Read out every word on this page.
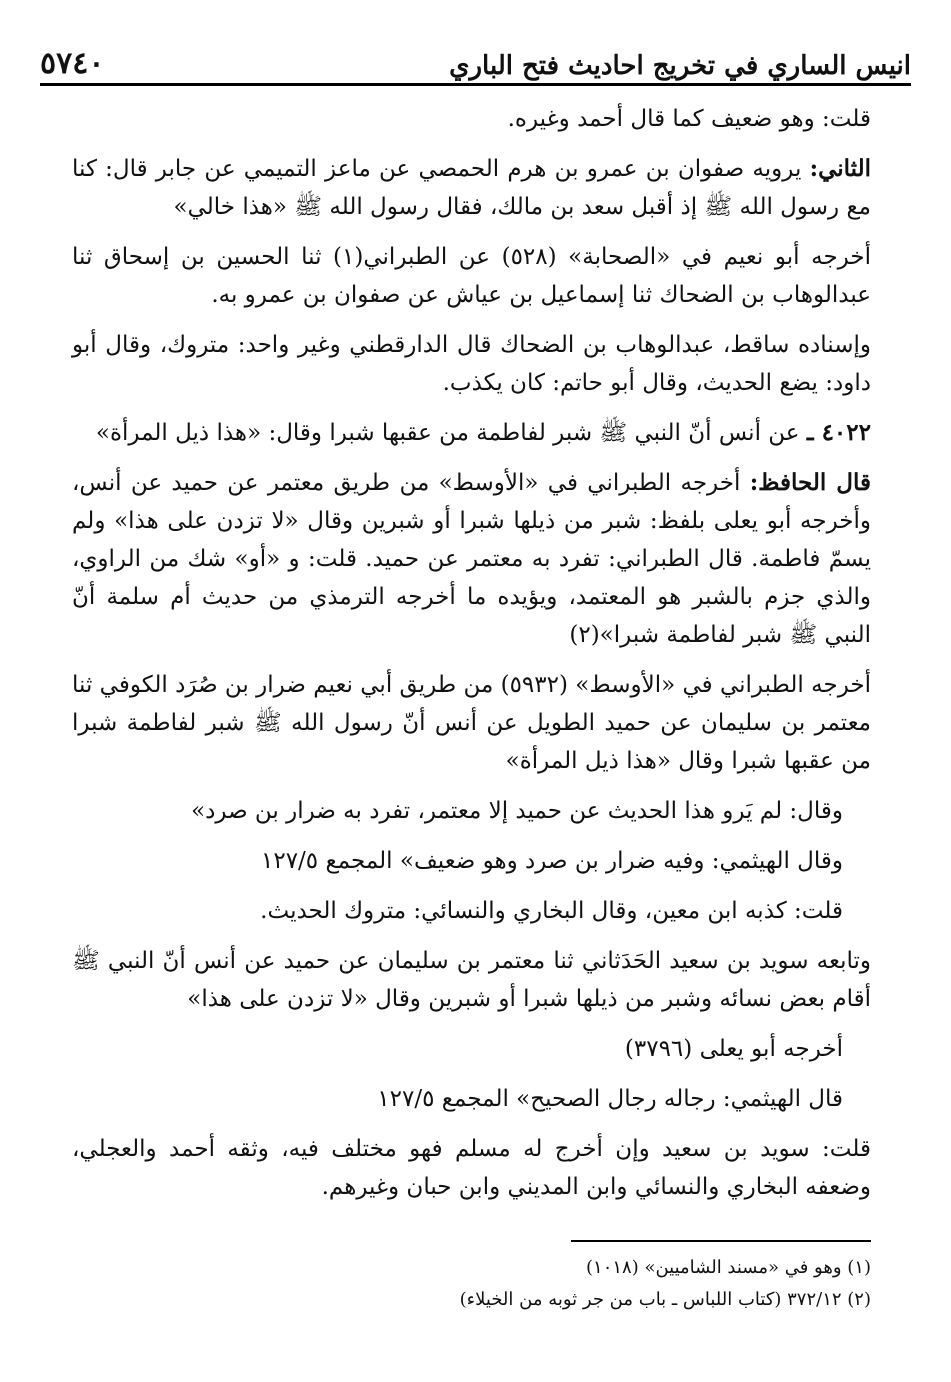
انيس الساري في تخريج احاديث فتح الباري
٥٧٤٠

قلت: وهو ضعيف كما قال أحمد وغيره.

الثاني: يرويه صفوان بن عمرو بن هرم الحمصي عن ماعز التميمي عن جابر قال: كنا مع رسول الله ﷺ إذ أقبل سعد بن مالك، فقال رسول الله ﷺ «هذا خالي»

أخرجه أبو نعيم في «الصحابة» (٥٢٨) عن الطبراني(١) ثنا الحسين بن إسحاق ثنا عبدالوهاب بن الضحاك ثنا إسماعيل بن عياش عن صفوان بن عمرو به.

وإسناده ساقط، عبدالوهاب بن الضحاك قال الدارقطني وغير واحد: متروك، وقال أبو داود: يضع الحديث، وقال أبو حاتم: كان يكذب.

٤٠٢٢ ـ عن أنس أنّ النبي ﷺ شبر لفاطمة من عقبها شبرا وقال: «هذا ذيل المرأة»

قال الحافظ: أخرجه الطبراني في «الأوسط» من طريق معتمر عن حميد عن أنس، وأخرجه أبو يعلى بلفظ: شبر من ذيلها شبرا أو شبرين وقال «لا تزدن على هذا» ولم يسمّ فاطمة. قال الطبراني: تفرد به معتمر عن حميد. قلت: و «أو» شك من الراوي، والذي جزم بالشبر هو المعتمد، ويؤيده ما أخرجه الترمذي من حديث أم سلمة أنّ النبي ﷺ شبر لفاطمة شبرا»(٢)

أخرجه الطبراني في «الأوسط» (٥٩٣٢) من طريق أبي نعيم ضرار بن صُرَد الكوفي ثنا معتمر بن سليمان عن حميد الطويل عن أنس أنّ رسول الله ﷺ شبر لفاطمة شبرا من عقبها شبرا وقال «هذا ذيل المرأة»

وقال: لم يَرو هذا الحديث عن حميد إلا معتمر، تفرد به ضرار بن صرد»

وقال الهيثمي: وفيه ضرار بن صرد وهو ضعيف» المجمع ١٢٧/٥

قلت: كذبه ابن معين، وقال البخاري والنسائي: متروك الحديث.

وتابعه سويد بن سعيد الحَدَثاني ثنا معتمر بن سليمان عن حميد عن أنس أنّ النبي ﷺ أقام بعض نسائه وشبر من ذيلها شبرا أو شبرين وقال «لا تزدن على هذا»

أخرجه أبو يعلى (٣٧٩٦)

قال الهيثمي: رجاله رجال الصحيح» المجمع ١٢٧/٥

قلت: سويد بن سعيد وإن أخرج له مسلم فهو مختلف فيه، وثقه أحمد والعجلي، وضعفه البخاري والنسائي وابن المديني وابن حبان وغيرهم.

(١) وهو في «مسند الشاميين» (١٠١٨)

(٢) ٣٧٢/١٢ (كتاب اللباس ـ باب من جر ثوبه من الخيلاء)
